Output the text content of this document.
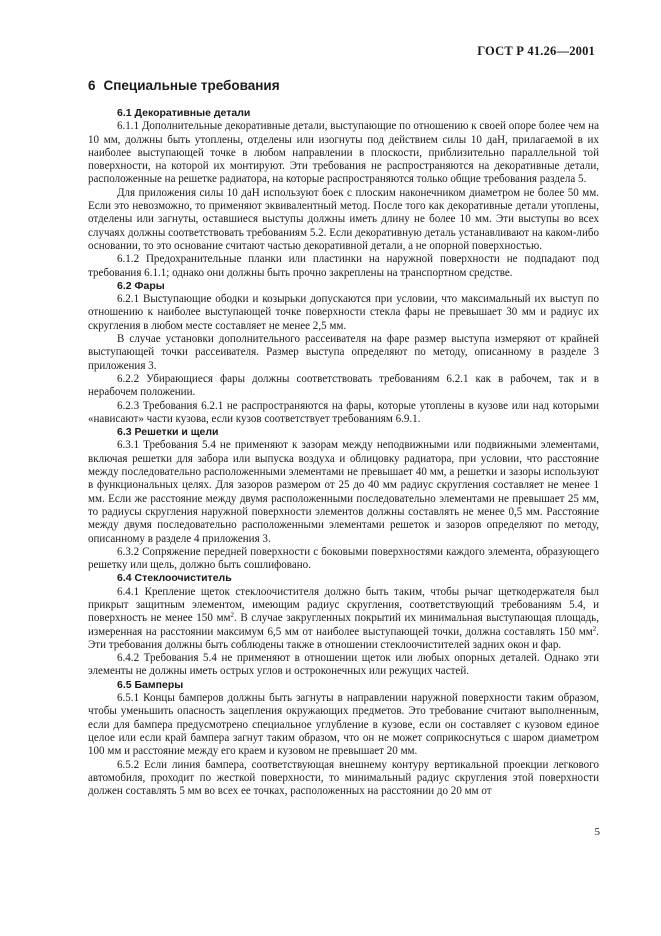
ГОСТ Р 41.26—2001
6 Специальные требования
6.1 Декоративные детали

6.1.1 Дополнительные декоративные детали, выступающие по отношению к своей опоре более чем на 10 мм, должны быть утоплены, отделены или изогнуты под действием силы 10 даН, прилагаемой в их наиболее выступающей точке в любом направлении в плоскости, приблизительно параллельной той поверхности, на которой их монтируют. Эти требования не распространяются на декоративные детали, расположенные на решетке радиатора, на которые распространяются только общие требования раздела 5.

Для приложения силы 10 даН используют боек с плоским наконечником диаметром не более 50 мм. Если это невозможно, то применяют эквивалентный метод. После того как декоративные детали утоплены, отделены или загнуты, оставшиеся выступы должны иметь длину не более 10 мм. Эти выступы во всех случаях должны соответствовать требованиям 5.2. Если декоративную деталь устанавливают на каком-либо основании, то это основание считают частью декоративной детали, а не опорной поверхностью.

6.1.2 Предохранительные планки или пластинки на наружной поверхности не подпадают под требования 6.1.1; однако они должны быть прочно закреплены на транспортном средстве.

6.2 Фары

6.2.1 Выступающие ободки и козырьки допускаются при условии, что максимальный их выступ по отношению к наиболее выступающей точке поверхности стекла фары не превышает 30 мм и радиус их скругления в любом месте составляет не менее 2,5 мм.

В случае установки дополнительного рассеивателя на фаре размер выступа измеряют от крайней выступающей точки рассеивателя. Размер выступа определяют по методу, описанному в разделе 3 приложения 3.

6.2.2 Убирающиеся фары должны соответствовать требованиям 6.2.1 как в рабочем, так и в нерабочем положении.

6.2.3 Требования 6.2.1 не распространяются на фары, которые утоплены в кузове или над которыми «нависают» части кузова, если кузов соответствует требованиям 6.9.1.

6.3 Решетки и щели

6.3.1 Требования 5.4 не применяют к зазорам между неподвижными или подвижными элементами, включая решетки для забора или выпуска воздуха и облицовку радиатора, при условии, что расстояние между последовательно расположенными элементами не превышает 40 мм, а решетки и зазоры используют в функциональных целях. Для зазоров размером от 25 до 40 мм радиус скругления составляет не менее 1 мм. Если же расстояние между двумя расположенными последовательно элементами не превышает 25 мм, то радиусы скругления наружной поверхности элементов должны составлять не менее 0,5 мм. Расстояние между двумя последовательно расположенными элементами решеток и зазоров определяют по методу, описанному в разделе 4 приложения 3.

6.3.2 Сопряжение передней поверхности с боковыми поверхностями каждого элемента, образующего решетку или щель, должно быть сошлифовано.

6.4 Стеклоочиститель

6.4.1 Крепление щеток стеклоочистителя должно быть таким, чтобы рычаг щеткодержателя был прикрыт защитным элементом, имеющим радиус скругления, соответствующий требованиям 5.4, и поверхность не менее 150 $мм^2$. В случае закругленных покрытий их минимальная выступающая площадь, измеренная на расстоянии максимум 6,5 мм от наиболее выступающей точки, должна составлять 150 $мм^2$. Эти требования должны быть соблюдены также в отношении стеклоочистителей задних окон и фар.

6.4.2 Требования 5.4 не применяют в отношении щеток или любых опорных деталей. Однако эти элементы не должны иметь острых углов и остроконечных или режущих частей.

6.5 Бамперы

6.5.1 Концы бамперов должны быть загнуты в направлении наружной поверхности таким образом, чтобы уменьшить опасность зацепления окружающих предметов. Это требование считают выполненным, если для бампера предусмотрено специальное углубление в кузове, если он составляет с кузовом единое целое или если край бампера загнут таким образом, что он не может соприкоснуться с шаром диаметром 100 мм и расстояние между его краем и кузовом не превышает 20 мм.

6.5.2 Если линия бампера, соответствующая внешнему контуру вертикальной проекции легкового автомобиля, проходит по жесткой поверхности, то минимальный радиус скругления этой поверхности должен составлять 5 мм во всех ее точках, расположенных на расстоянии до 20 мм от

5
